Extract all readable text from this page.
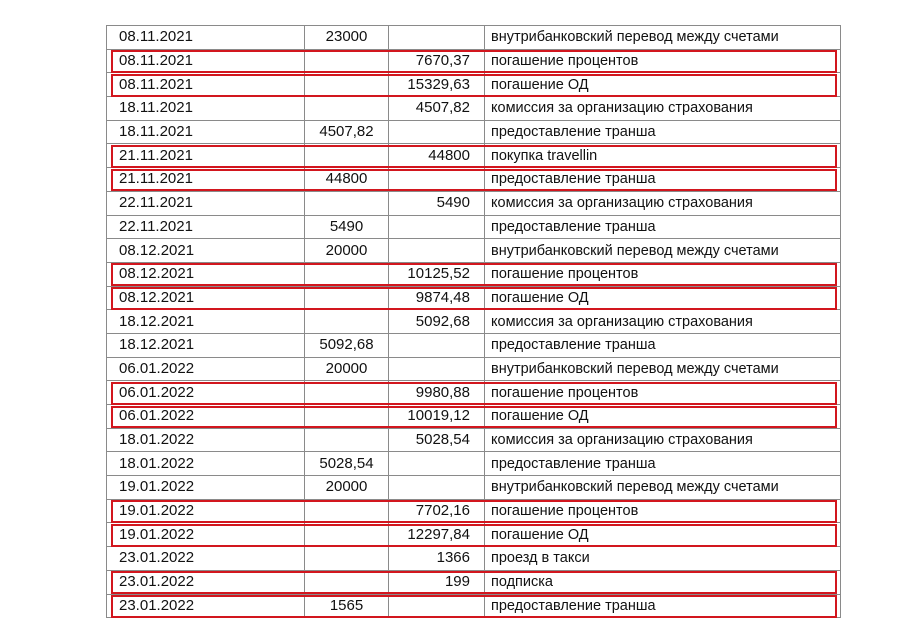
08.11.2021	23000		внутрибанковский перевод между счетами
08.11.2021		7670,37	погашение процентов
08.11.2021		15329,63	погашение ОД
18.11.2021		4507,82	комиссия за организацию страхования
18.11.2021	4507,82		предоставление транша
21.11.2021		44800	покупка travellin
21.11.2021	44800		предоставление транша
22.11.2021		5490	комиссия за организацию страхования
22.11.2021	5490		предоставление транша
08.12.2021	20000		внутрибанковский перевод между счетами
08.12.2021		10125,52	погашение процентов
08.12.2021		9874,48	погашение ОД
18.12.2021		5092,68	комиссия за организацию страхования
18.12.2021	5092,68		предоставление транша
06.01.2022	20000		внутрибанковский перевод между счетами
06.01.2022		9980,88	погашение процентов
06.01.2022		10019,12	погашение ОД
18.01.2022		5028,54	комиссия за организацию страхования
18.01.2022	5028,54		предоставление транша
19.01.2022	20000		внутрибанковский перевод между счетами
19.01.2022		7702,16	погашение процентов
19.01.2022		12297,84	погашение ОД
23.01.2022		1366	проезд в такси
23.01.2022		199	подписка
23.01.2022	1565		предоставление транша
